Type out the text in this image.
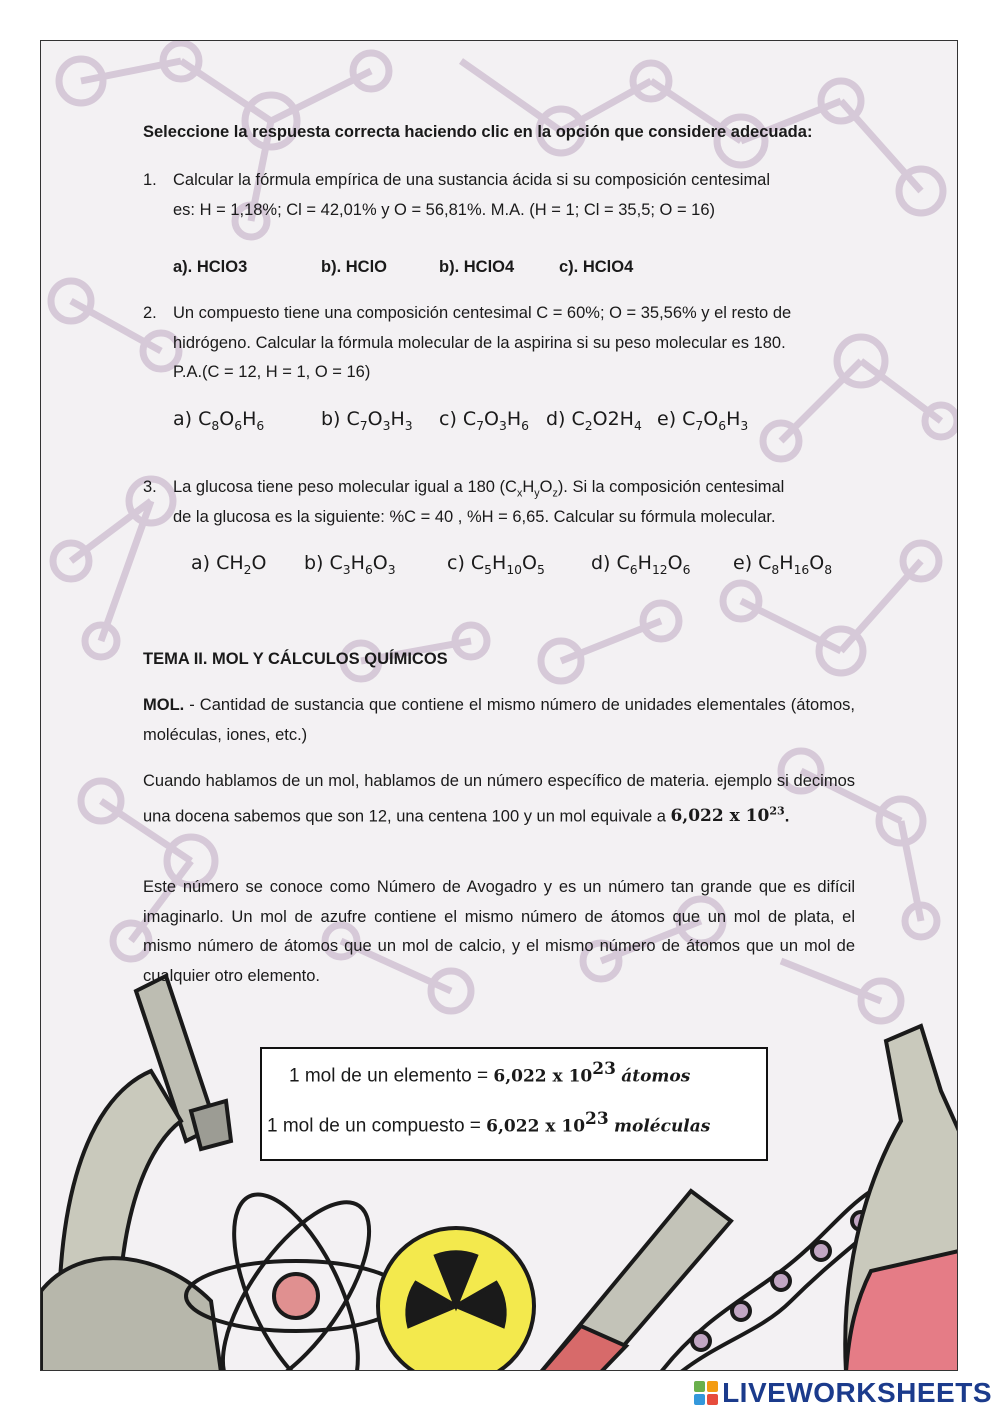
Seleccione la respuesta correcta haciendo clic en la opción que considere adecuada:
1. Calcular la fórmula empírica de una sustancia ácida si su composición centesimal
es: H = 1,18%; Cl = 42,01% y O = 56,81%. M.A. (H = 1; Cl = 35,5; O = 16)
a). HClO3	b). HClO	b). HClO4	c). HClO4
2. Un compuesto tiene una composición centesimal C = 60%; O = 35,56% y el resto de
hidrógeno. Calcular la fórmula molecular de la aspirina si su peso molecular es 180.
P.A.(C = 12, H = 1, O = 16)
a) $C_8O_6H_6$	b) $C_7O_3H_3$ c) $C_7O_3H_6$ d) $C_2O2H_4$ e) $C_7O_6H_3$
3. La glucosa tiene peso molecular igual a 180 $(C_xH_yO_z)$. Si la composición centesimal
de la glucosa es la siguiente: %C = 40 , %H = 6,65. Calcular su fórmula molecular.
a) $CH_2O$ b) $C_3H_6O_3$	c) $C_5H_{10}O_5$ d) $C_6H_{12}O_6$ e) $C_8H_{16}O_8$
TEMA II. MOL Y CÁLCULOS QUÍMICOS
MOL. - Cantidad de sustancia que contiene el mismo número de unidades elementales (átomos, moléculas, iones, etc.)
Cuando hablamos de un mol, hablamos de un número específico de materia. ejemplo si decimos una docena sabemos que son 12, una centena 100 y un mol equivale a 6,022 x $10^{23}$.
Este número se conoce como Número de Avogadro y es un número tan grande que es difícil imaginarlo. Un mol de azufre contiene el mismo número de átomos que un mol de plata, el mismo número de átomos que un mol de calcio, y el mismo número de átomos que un mol de cualquier otro elemento.
1 mol de un elemento = 6,022 x $10^{23}$ átomos
1 mol de un compuesto = 6,022 x $10^{23}$ moléculas
LIVEWORKSHEETS
